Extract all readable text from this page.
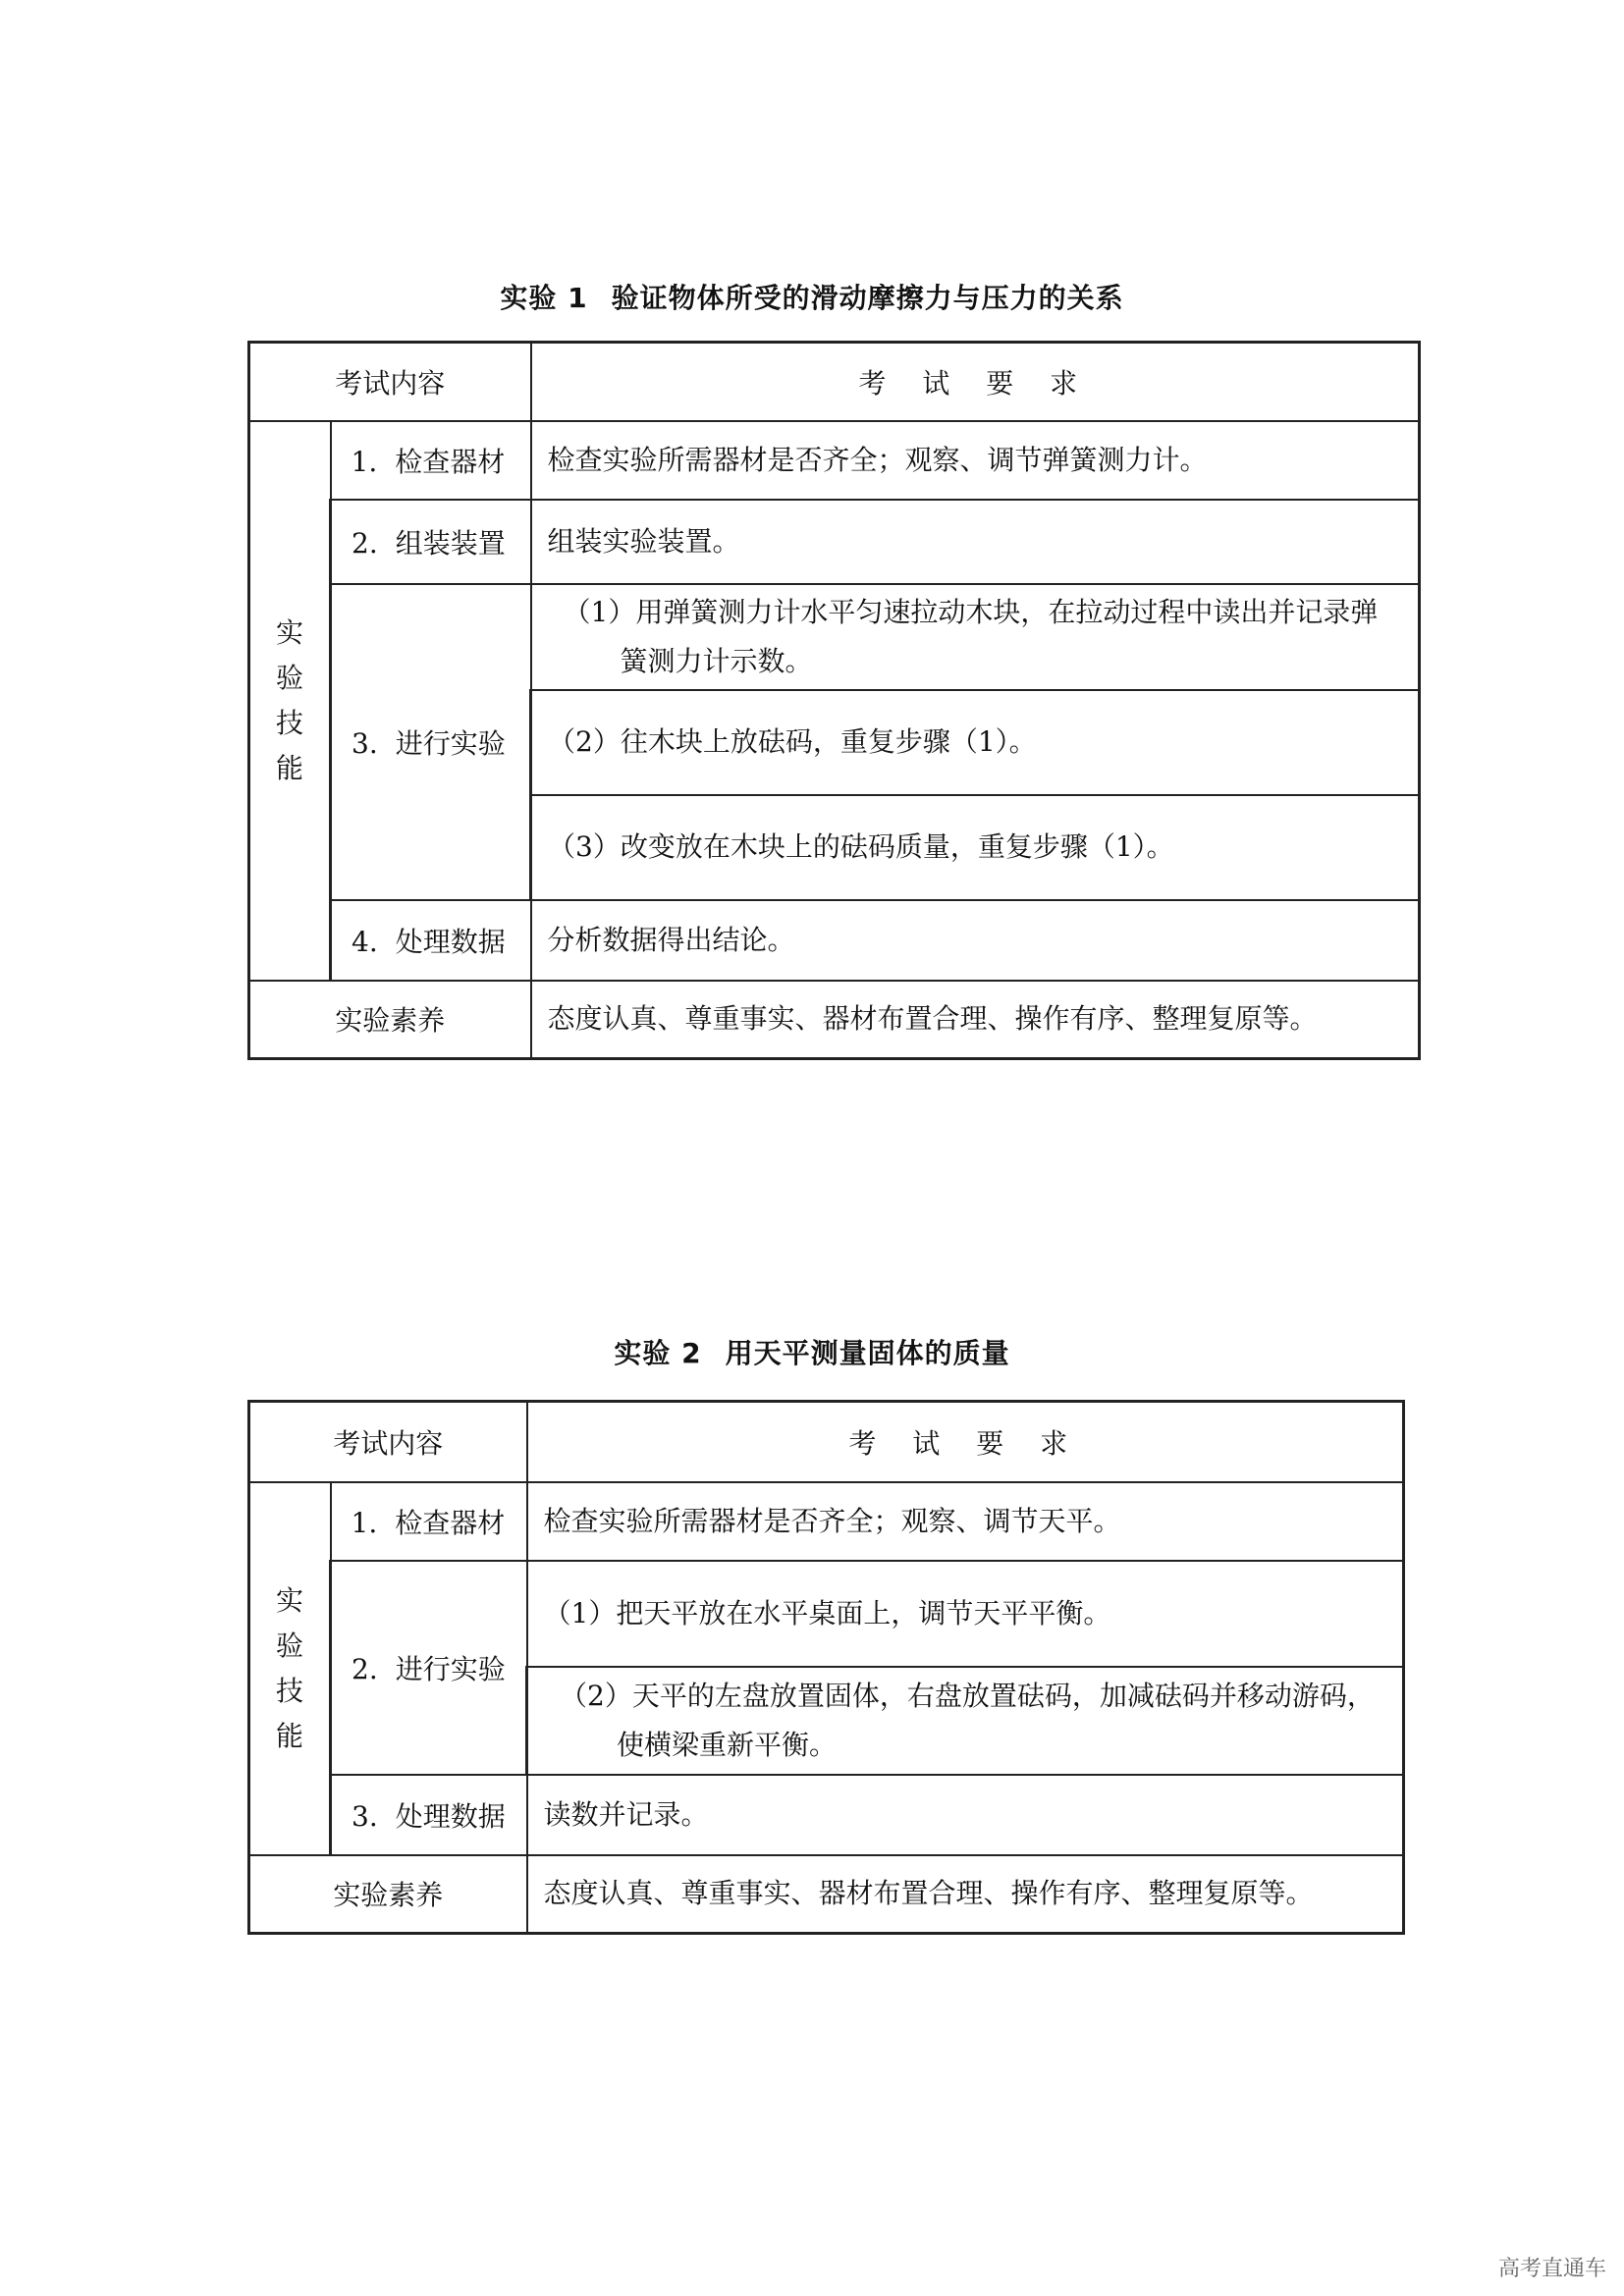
实验 1 验证物体所受的滑动摩擦力与压力的关系
考试内容		考 试 要 求

实
验
技
能	1. 检查器材	检查实验所需器材是否齐全；观察、调节弹簧测力计。
	2. 组装装置	组装实验装置。
	3. 进行实验	（1）用弹簧测力计水平匀速拉动木块，在拉动过程中读出并记录弹簧测力计示数。

		（2）往木块上放砝码，重复步骤（1）。
		（3）改变放在木块上的砝码质量，重复步骤（1）。
	4. 处理数据	分析数据得出结论。
实验素养		态度认真、尊重事实、器材布置合理、操作有序、整理复原等。
实验 2 用天平测量固体的质量
考试内容		考 试 要 求

实
验
技
能	1. 检查器材	检查实验所需器材是否齐全；观察、调节天平。
	2. 进行实验	（1）把天平放在水平桌面上，调节天平平衡。

		（2）天平的左盘放置固体，右盘放置砝码，加减砝码并移动游码，使横梁重新平衡。

	3. 处理数据	读数并记录。
实验素养		态度认真、尊重事实、器材布置合理、操作有序、整理复原等。
高考直通车
